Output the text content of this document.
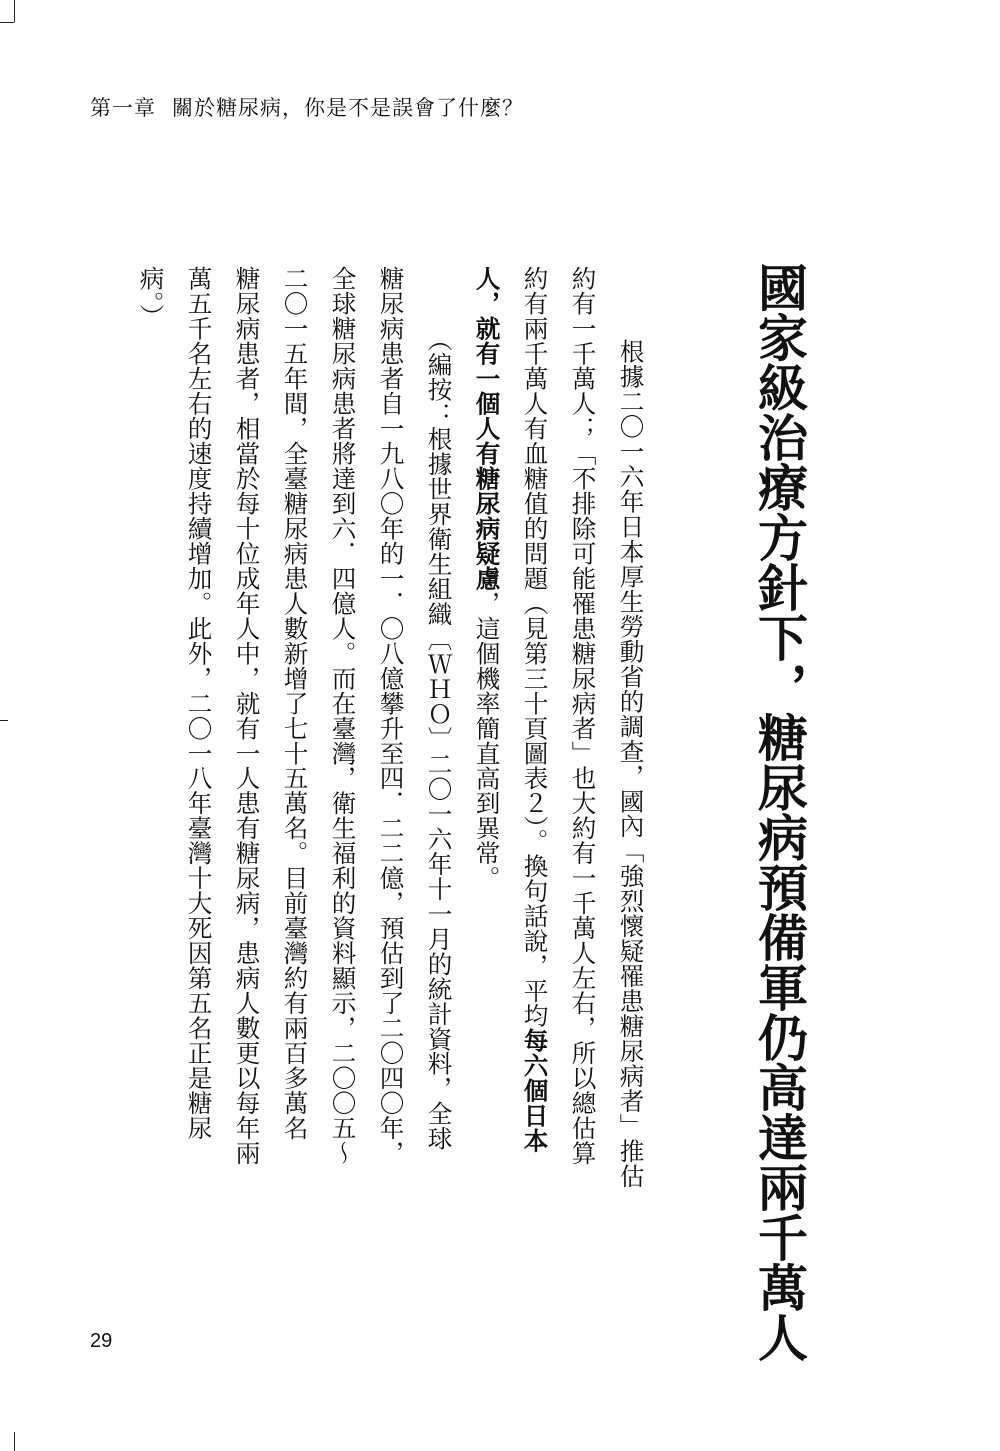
第一章 關於糖尿病，你是不是誤會了什麼？
國家級治療方針下，糖尿病預備軍仍高達兩千萬人
　根據二〇一六年日本厚生勞動省的調查，國內「強烈懷疑罹患糖尿病者」推估
約有一千萬人；「不排除可能罹患糖尿病者」也大約有一千萬人左右，所以總估算
約有兩千萬人有血糖值的問題（見第三十頁圖表２）。換句話說，平均每六個日本
人，就有一個人有糖尿病疑慮，這個機率簡直高到異常。
　（編按：根據世界衛生組織〔ＷＨＯ〕二〇一六年十一月的統計資料，全球
糖尿病患者自一九八〇年的一．〇八億攀升至四．二二億，預估到了二〇四〇年，
全球糖尿病患者將達到六．四億人。而在臺灣，衛生福利的資料顯示，二〇〇五～
二〇一五年間，全臺糖尿病患人數新增了七十五萬名。目前臺灣約有兩百多萬名
糖尿病患者，相當於每十位成年人中，就有一人患有糖尿病，患病人數更以每年兩
萬五千名左右的速度持續增加。此外，二〇一八年臺灣十大死因第五名正是糖尿
病。）
29
